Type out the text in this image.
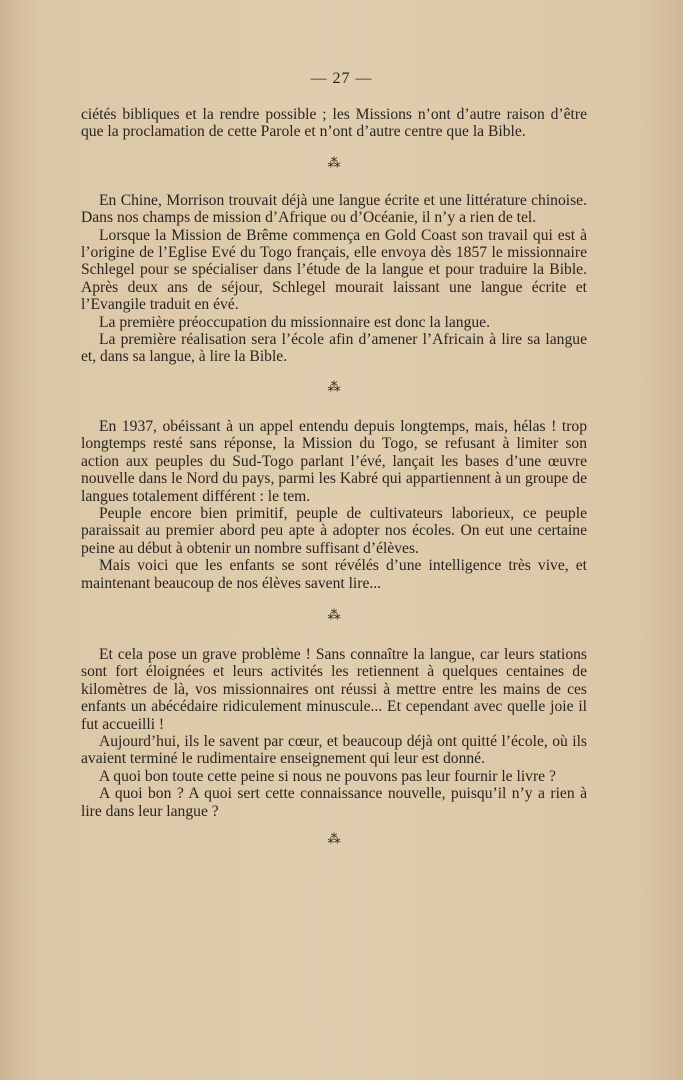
— 27 —

ciétés bibliques et la rendre possible ; les Missions n’ont d’autre raison d’être que la proclamation de cette Parole et n’ont d’autre centre que la Bible.

⁂

En Chine, Morrison trouvait déjà une langue écrite et une littérature chinoise. Dans nos champs de mission d’Afrique ou d’Océanie, il n’y a rien de tel.

Lorsque la Mission de Brême commença en Gold Coast son travail qui est à l’origine de l’Eglise Evé du Togo français, elle envoya dès 1857 le missionnaire Schlegel pour se spécialiser dans l’étude de la langue et pour traduire la Bible. Après deux ans de séjour, Schlegel mourait laissant une langue écrite et l’Evangile traduit en évé.

La première préoccupation du missionnaire est donc la langue.

La première réalisation sera l’école afin d’amener l’Africain à lire sa langue et, dans sa langue, à lire la Bible.

⁂

En 1937, obéissant à un appel entendu depuis longtemps, mais, hélas ! trop longtemps resté sans réponse, la Mission du Togo, se refusant à limiter son action aux peuples du Sud-Togo parlant l’évé, lançait les bases d’une œuvre nouvelle dans le Nord du pays, parmi les Kabré qui appartiennent à un groupe de langues totalement différent : le tem.

Peuple encore bien primitif, peuple de cultivateurs laborieux, ce peuple paraissait au premier abord peu apte à adopter nos écoles. On eut une certaine peine au début à obtenir un nombre suffisant d’élèves.

Mais voici que les enfants se sont révélés d’une intelligence très vive, et maintenant beaucoup de nos élèves savent lire...

⁂

Et cela pose un grave problème ! Sans connaître la langue, car leurs stations sont fort éloignées et leurs activités les retiennent à quelques centaines de kilomètres de là, vos missionnaires ont réussi à mettre entre les mains de ces enfants un abécédaire ridiculement minuscule... Et cependant avec quelle joie il fut accueilli !

Aujourd’hui, ils le savent par cœur, et beaucoup déjà ont quitté l’école, où ils avaient terminé le rudimentaire enseignement qui leur est donné.

A quoi bon toute cette peine si nous ne pouvons pas leur fournir le livre ?

A quoi bon ? A quoi sert cette connaissance nouvelle, puisqu’il n’y a rien à lire dans leur langue ?

⁂
